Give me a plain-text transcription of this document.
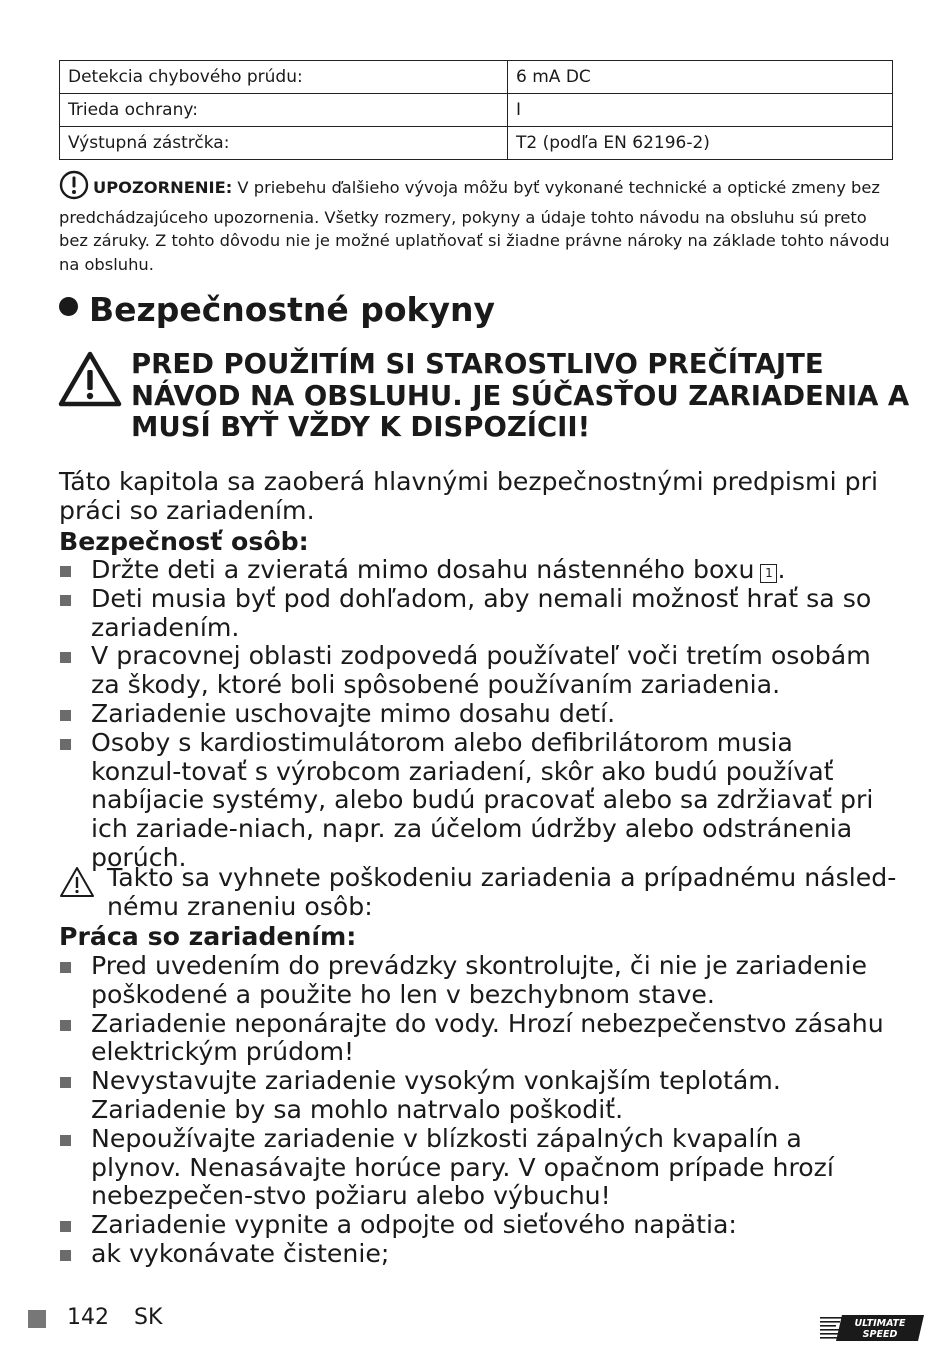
Detekcia chybového prúdu:	6 mA DC
Trieda ochrany:	I
Výstupná zástrčka:	T2 (podľa EN 62196-2)
UPOZORNENIE: V priebehu ďalšieho vývoja môžu byť vykonané technické a optické zmeny bez predchádzajúceho upozornenia. Všetky rozmery, pokyny a údaje tohto návodu na obsluhu sú preto bez záruky. Z tohto dôvodu nie je možné uplatňovať si žiadne právne nároky na základe tohto návodu na obsluhu.
Bezpečnostné pokyny
PRED POUŽITÍM SI STAROSTLIVO PREČÍTAJTE NÁVOD NA OBSLUHU. JE SÚČASŤOU ZARIADENIA A MUSÍ BYŤ VŽDY K DISPOZÍCII!
Táto kapitola sa zaoberá hlavnými bezpečnostnými predpismi pri práci so zariadením.
Bezpečnosť osôb:
Držte deti a zvieratá mimo dosahu nástenného boxu 1 .
Deti musia byť pod dohľadom, aby nemali možnosť hrať sa so zariadením.
V pracovnej oblasti zodpovedá používateľ voči tretím osobám za škody, ktoré boli spôsobené používaním zariadenia.
Zariadenie uschovajte mimo dosahu detí.
Osoby s kardiostimulátorom alebo defibrilátorom musia konzul-tovať s výrobcom zariadení, skôr ako budú používať nabíjacie systémy, alebo budú pracovať alebo sa zdržiavať pri ich zariade-niach, napr. za účelom údržby alebo odstránenia porúch.
Takto sa vyhnete poškodeniu zariadenia a prípadnému násled-nému zraneniu osôb:
Práca so zariadením:
Pred uvedením do prevádzky skontrolujte, či nie je zariadenie poškodené a použite ho len v bezchybnom stave.
Zariadenie neponárajte do vody. Hrozí nebezpečenstvo zásahu elektrickým prúdom!
Nevystavujte zariadenie vysokým vonkajším teplotám. Zariadenie by sa mohlo natrvalo poškodiť.
Nepoužívajte zariadenie v blízkosti zápalných kvapalín a plynov. Nenasávajte horúce pary. V opačnom prípade hrozí nebezpečen-stvo požiaru alebo výbuchu!
Zariadenie vypnite a odpojte od sieťového napätia:
ak vykonávate čistenie;
142 SK	ULTIMATE
SPEED
